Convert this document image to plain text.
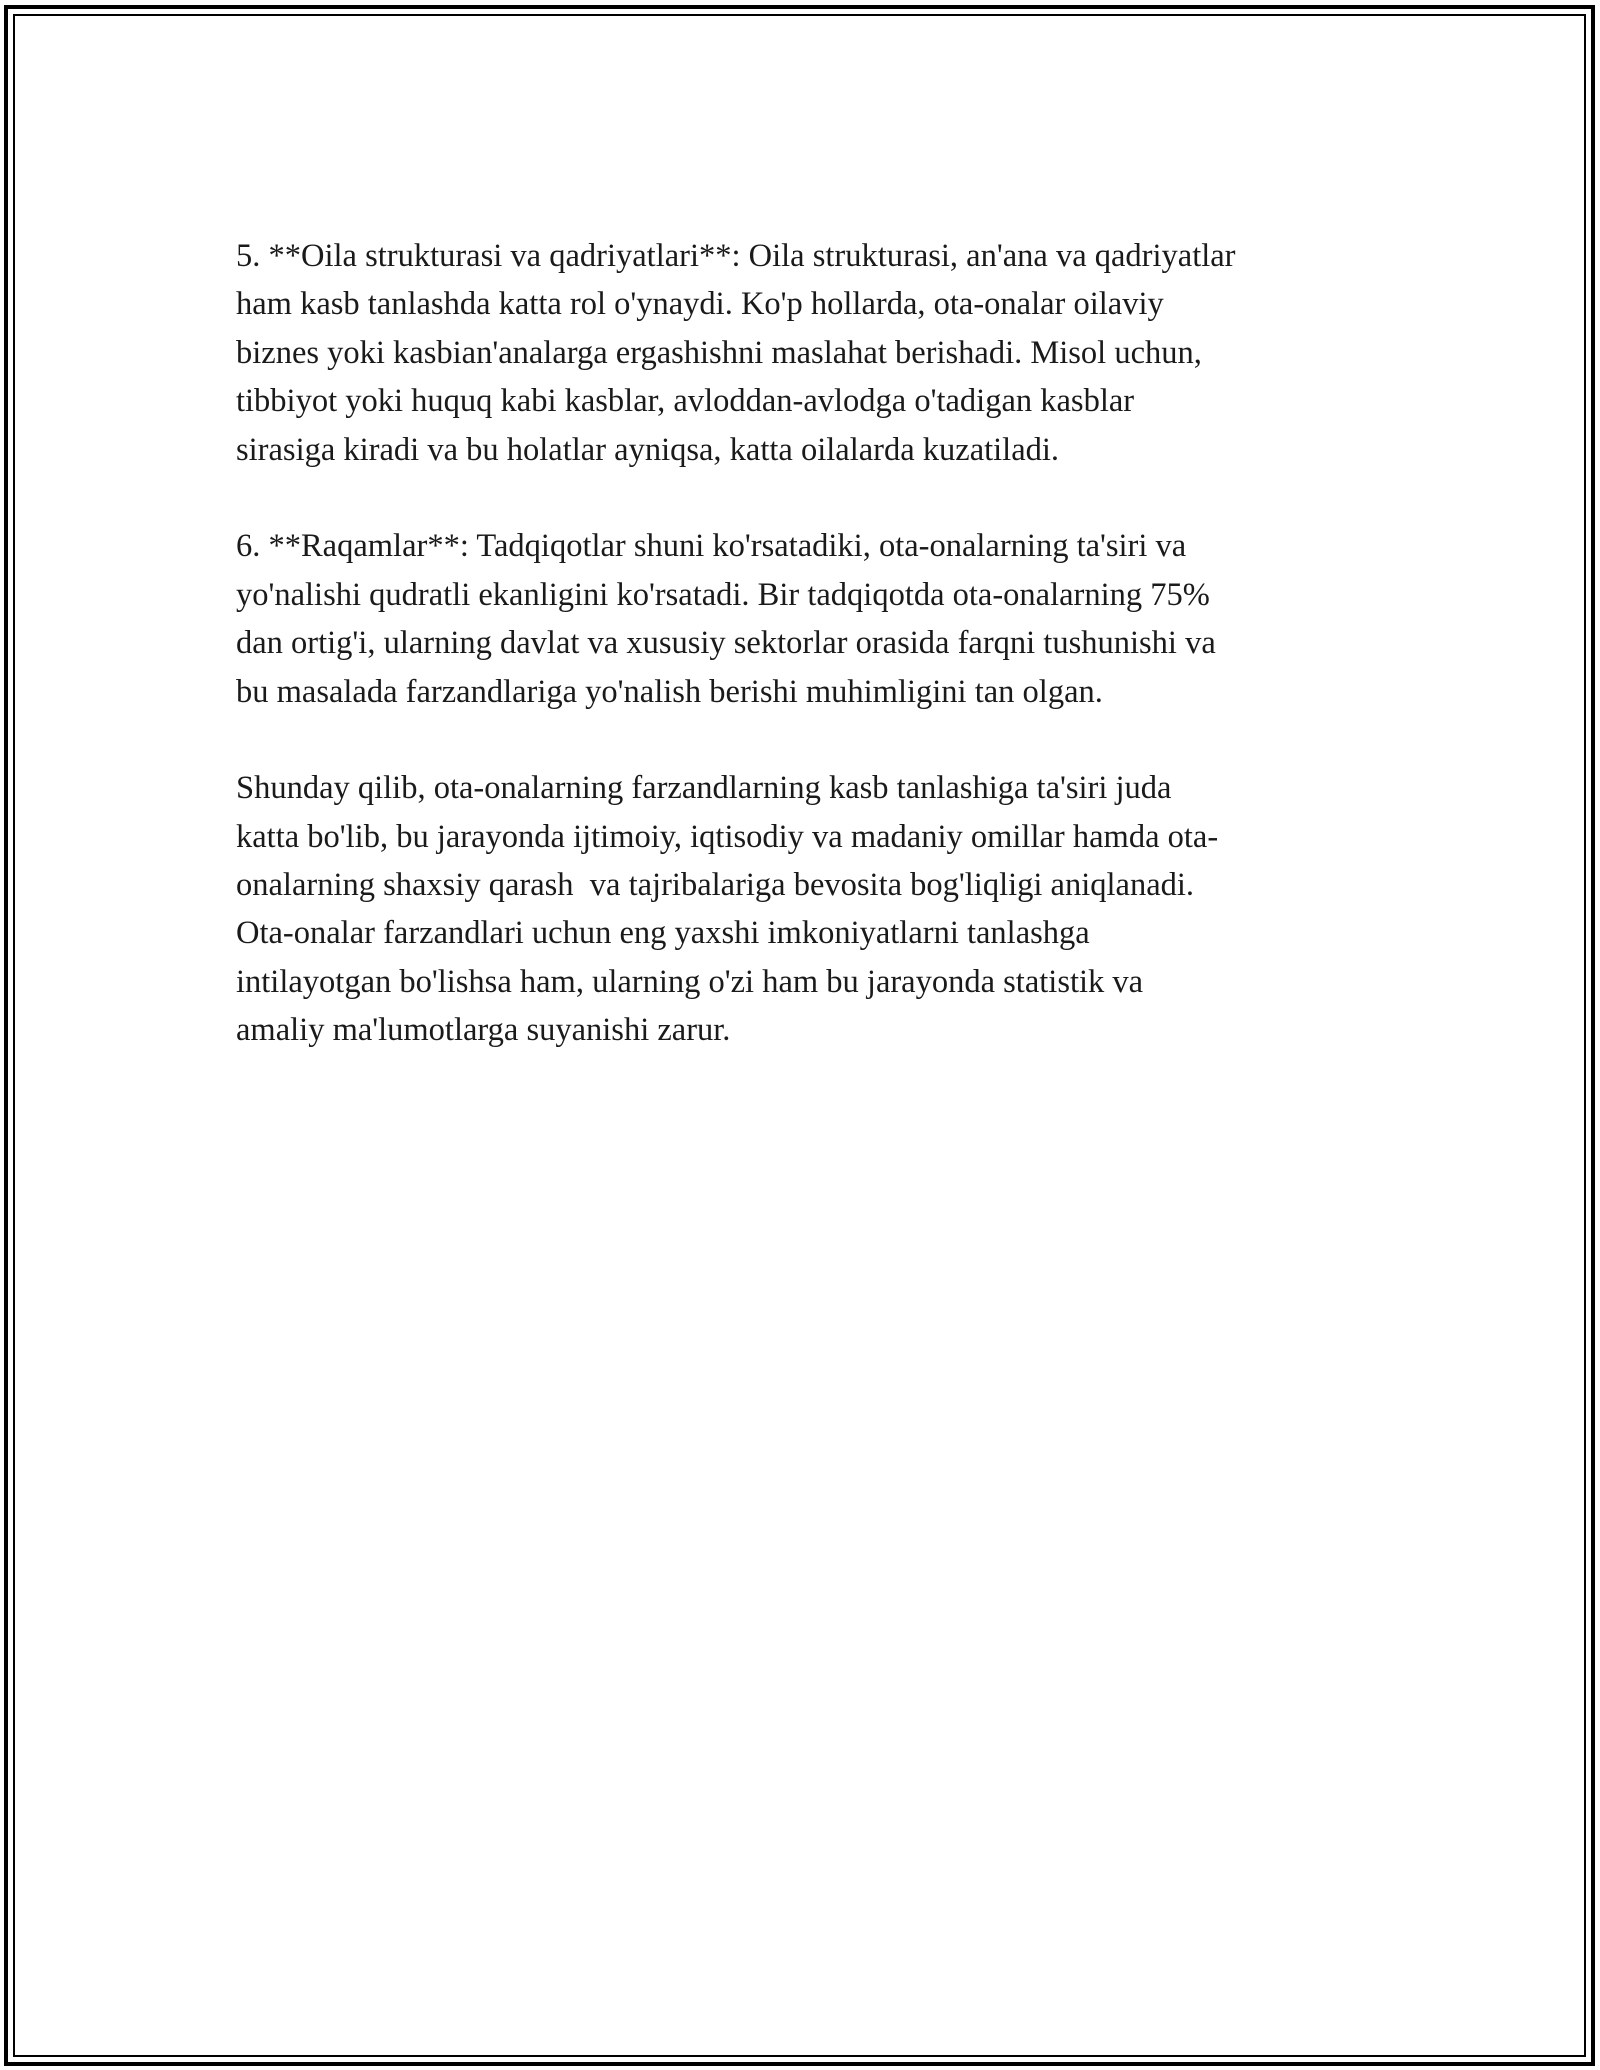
5. **Oila strukturasi va qadriyatlari**: Oila strukturasi, an'ana va qadriyatlar
ham kasb tanlashda katta rol o'ynaydi. Ko'p hollarda, ota-onalar oilaviy
biznes yoki kasbian'analarga ergashishni maslahat berishadi. Misol uchun,
tibbiyot yoki huquq kabi kasblar, avloddan-avlodga o'tadigan kasblar
sirasiga kiradi va bu holatlar ayniqsa, katta oilalarda kuzatiladi.
6. **Raqamlar**: Tadqiqotlar shuni ko'rsatadiki, ota-onalarning ta'siri va
yo'nalishi qudratli ekanligini ko'rsatadi. Bir tadqiqotda ota-onalarning 75%
dan ortig'i, ularning davlat va xususiy sektorlar orasida farqni tushunishi va
bu masalada farzandlariga yo'nalish berishi muhimligini tan olgan.
Shunday qilib, ota-onalarning farzandlarning kasb tanlashiga ta'siri juda
katta bo'lib, bu jarayonda ijtimoiy, iqtisodiy va madaniy omillar hamda ota-
onalarning shaxsiy qarash  va tajribalariga bevosita bog'liqligi aniqlanadi.
Ota-onalar farzandlari uchun eng yaxshi imkoniyatlarni tanlashga
intilayotgan bo'lishsa ham, ularning o'zi ham bu jarayonda statistik va
amaliy ma'lumotlarga suyanishi zarur.
